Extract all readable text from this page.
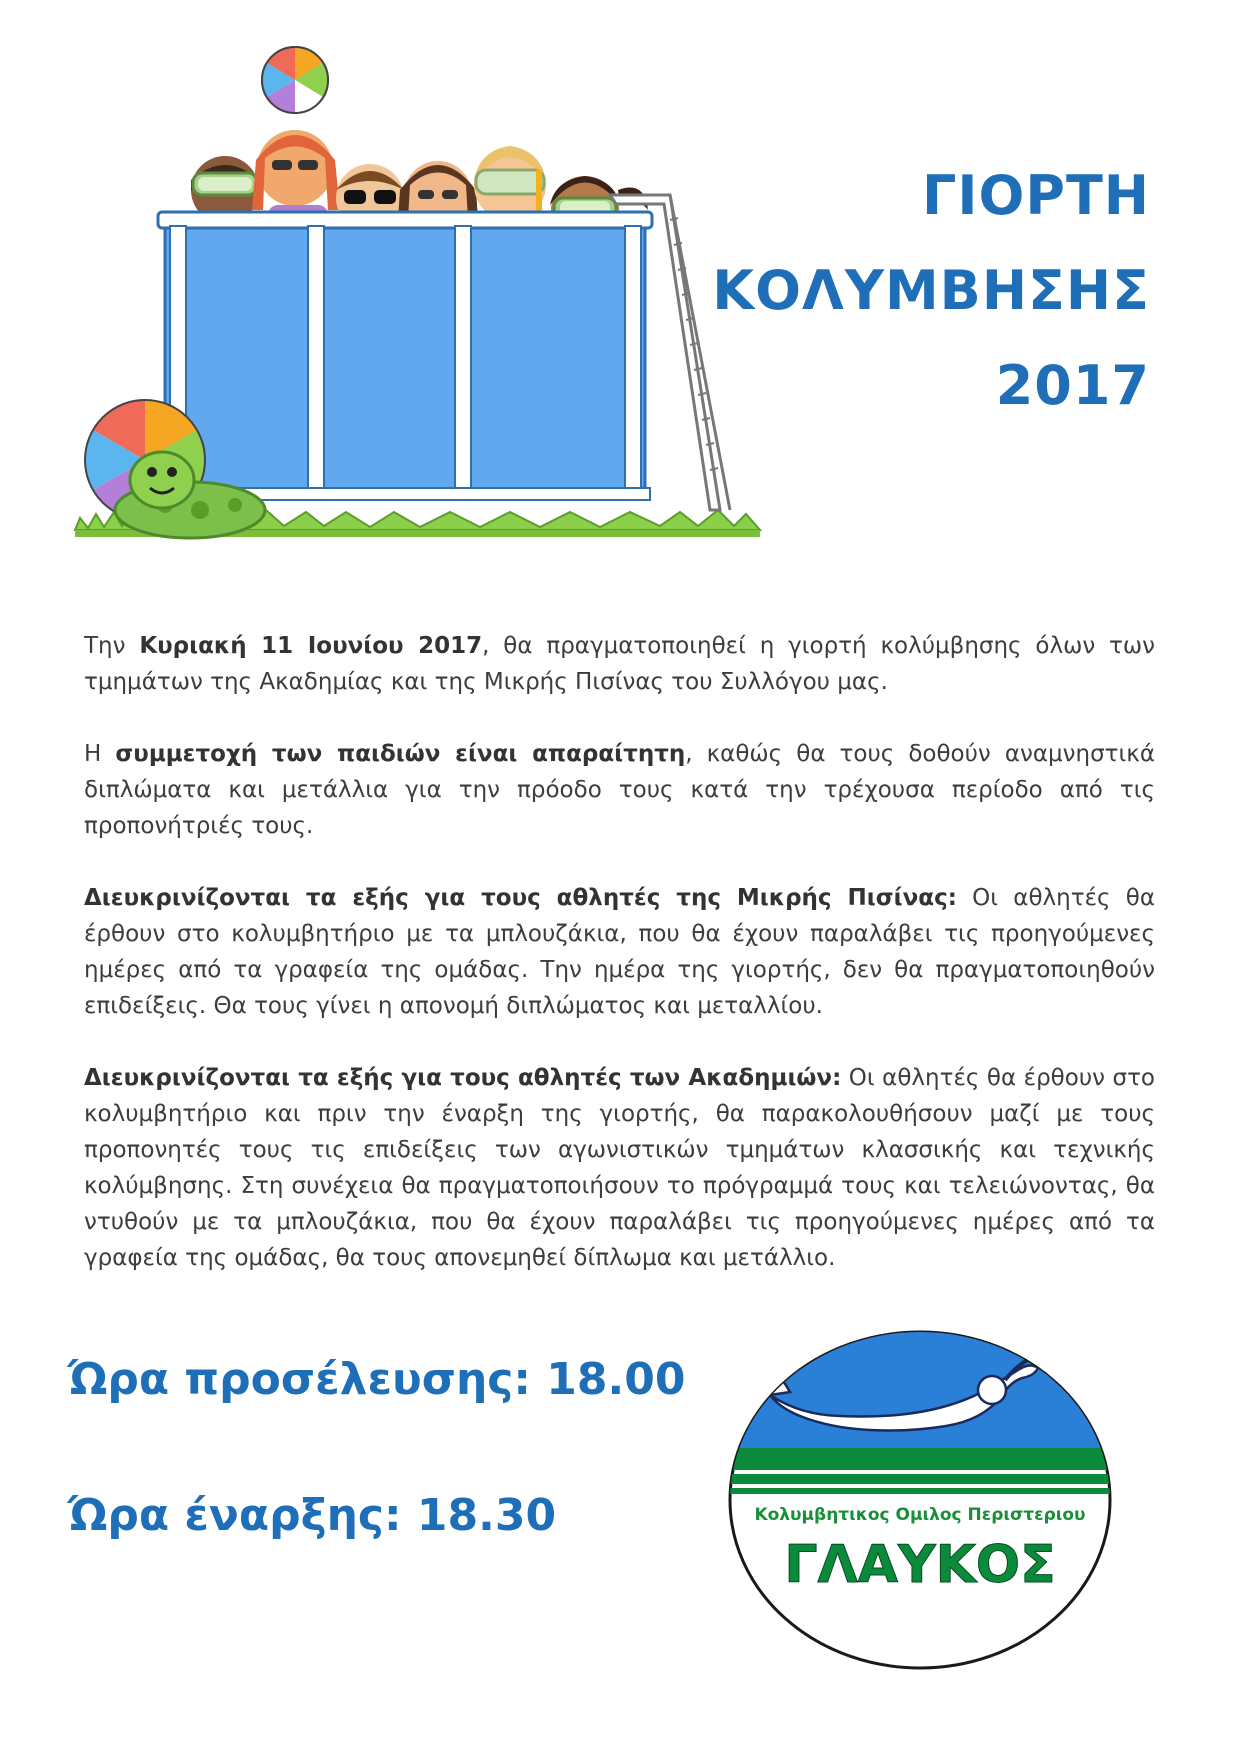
ΓΙΟΡΤΗ
ΚΟΛΥΜΒΗΣΗΣ
2017

Την Κυριακή 11 Ιουνίου 2017, θα πραγματοποιηθεί η γιορτή κολύμβησης όλων των τμημάτων της Ακαδημίας και της Μικρής Πισίνας του Συλλόγου μας.

Η συμμετοχή των παιδιών είναι απαραίτητη, καθώς θα τους δοθούν αναμνηστικά διπλώματα και μετάλλια για την πρόοδο τους κατά την τρέχουσα περίοδο από τις προπονήτριές τους.

Διευκρινίζονται τα εξής για τους αθλητές της Μικρής Πισίνας: Οι αθλητές θα έρθουν στο κολυμβητήριο με τα μπλουζάκια, που θα έχουν παραλάβει τις προηγούμενες ημέρες από τα γραφεία της ομάδας. Την ημέρα της γιορτής, δεν θα πραγματοποιηθούν επιδείξεις. Θα τους γίνει η απονομή διπλώματος και μεταλλίου.

Διευκρινίζονται τα εξής για τους αθλητές των Ακαδημιών: Οι αθλητές θα έρθουν στο κολυμβητήριο και πριν την έναρξη της γιορτής, θα παρακολουθήσουν μαζί με τους προπονητές τους τις επιδείξεις των αγωνιστικών τμημάτων κλασσικής και τεχνικής κολύμβησης. Στη συνέχεια θα πραγματοποιήσουν το πρόγραμμά τους και τελειώνοντας, θα ντυθούν με τα μπλουζάκια, που θα έχουν παραλάβει τις προηγούμενες ημέρες από τα γραφεία της ομάδας, θα τους απονεμηθεί δίπλωμα και μετάλλιο.

Ώρα προσέλευσης: 18.00
Ώρα έναρξης: 18.30	Κολυμβητικος Ομιλος Περιστεριου
ΓΛΑΥΚΟΣ
